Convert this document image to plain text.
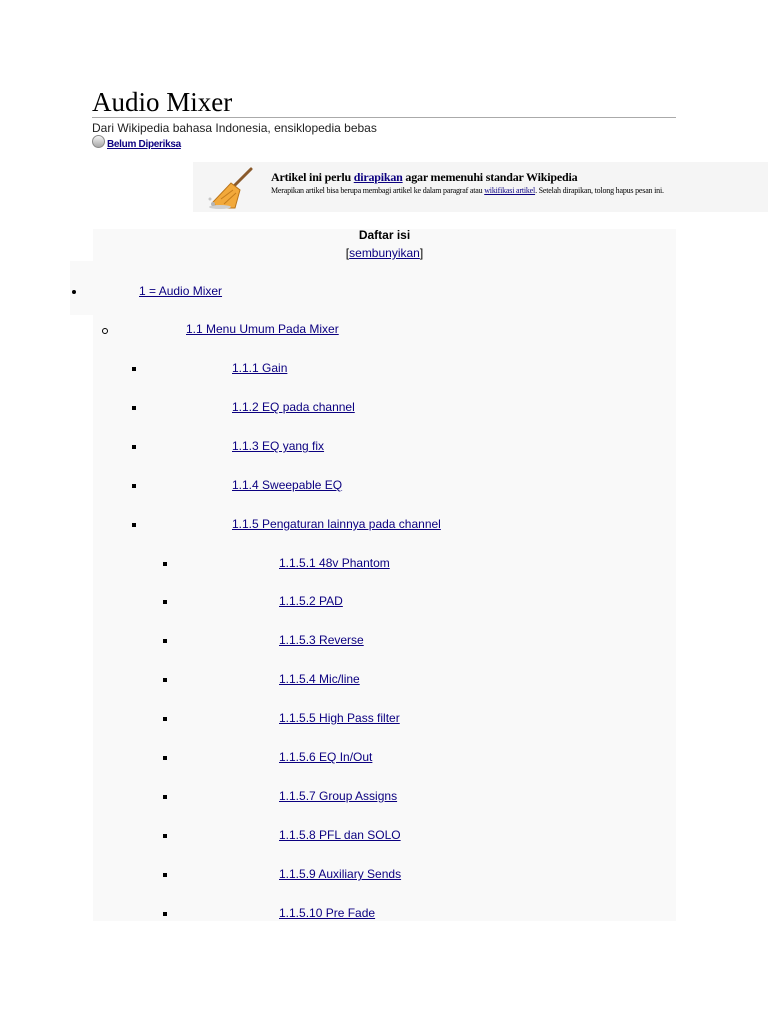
Audio Mixer
Dari Wikipedia bahasa Indonesia, ensiklopedia bebas
Belum Diperiksa
Artikel ini perlu dirapikan agar memenuhi standar Wikipedia
Merapikan artikel bisa berupa membagi artikel ke dalam paragraf atau wikifikasi artikel. Setelah dirapikan, tolong hapus pesan ini.
Daftar isi
[sembunyikan]
1 = Audio Mixer
1.1 Menu Umum Pada Mixer
1.1.1 Gain
1.1.2 EQ pada channel
1.1.3 EQ yang fix
1.1.4 Sweepable EQ
1.1.5 Pengaturan lainnya pada channel
1.1.5.1 48v Phantom
1.1.5.2 PAD
1.1.5.3 Reverse
1.1.5.4 Mic/line
1.1.5.5 High Pass filter
1.1.5.6 EQ In/Out
1.1.5.7 Group Assigns
1.1.5.8 PFL dan SOLO
1.1.5.9 Auxiliary Sends
1.1.5.10 Pre Fade
